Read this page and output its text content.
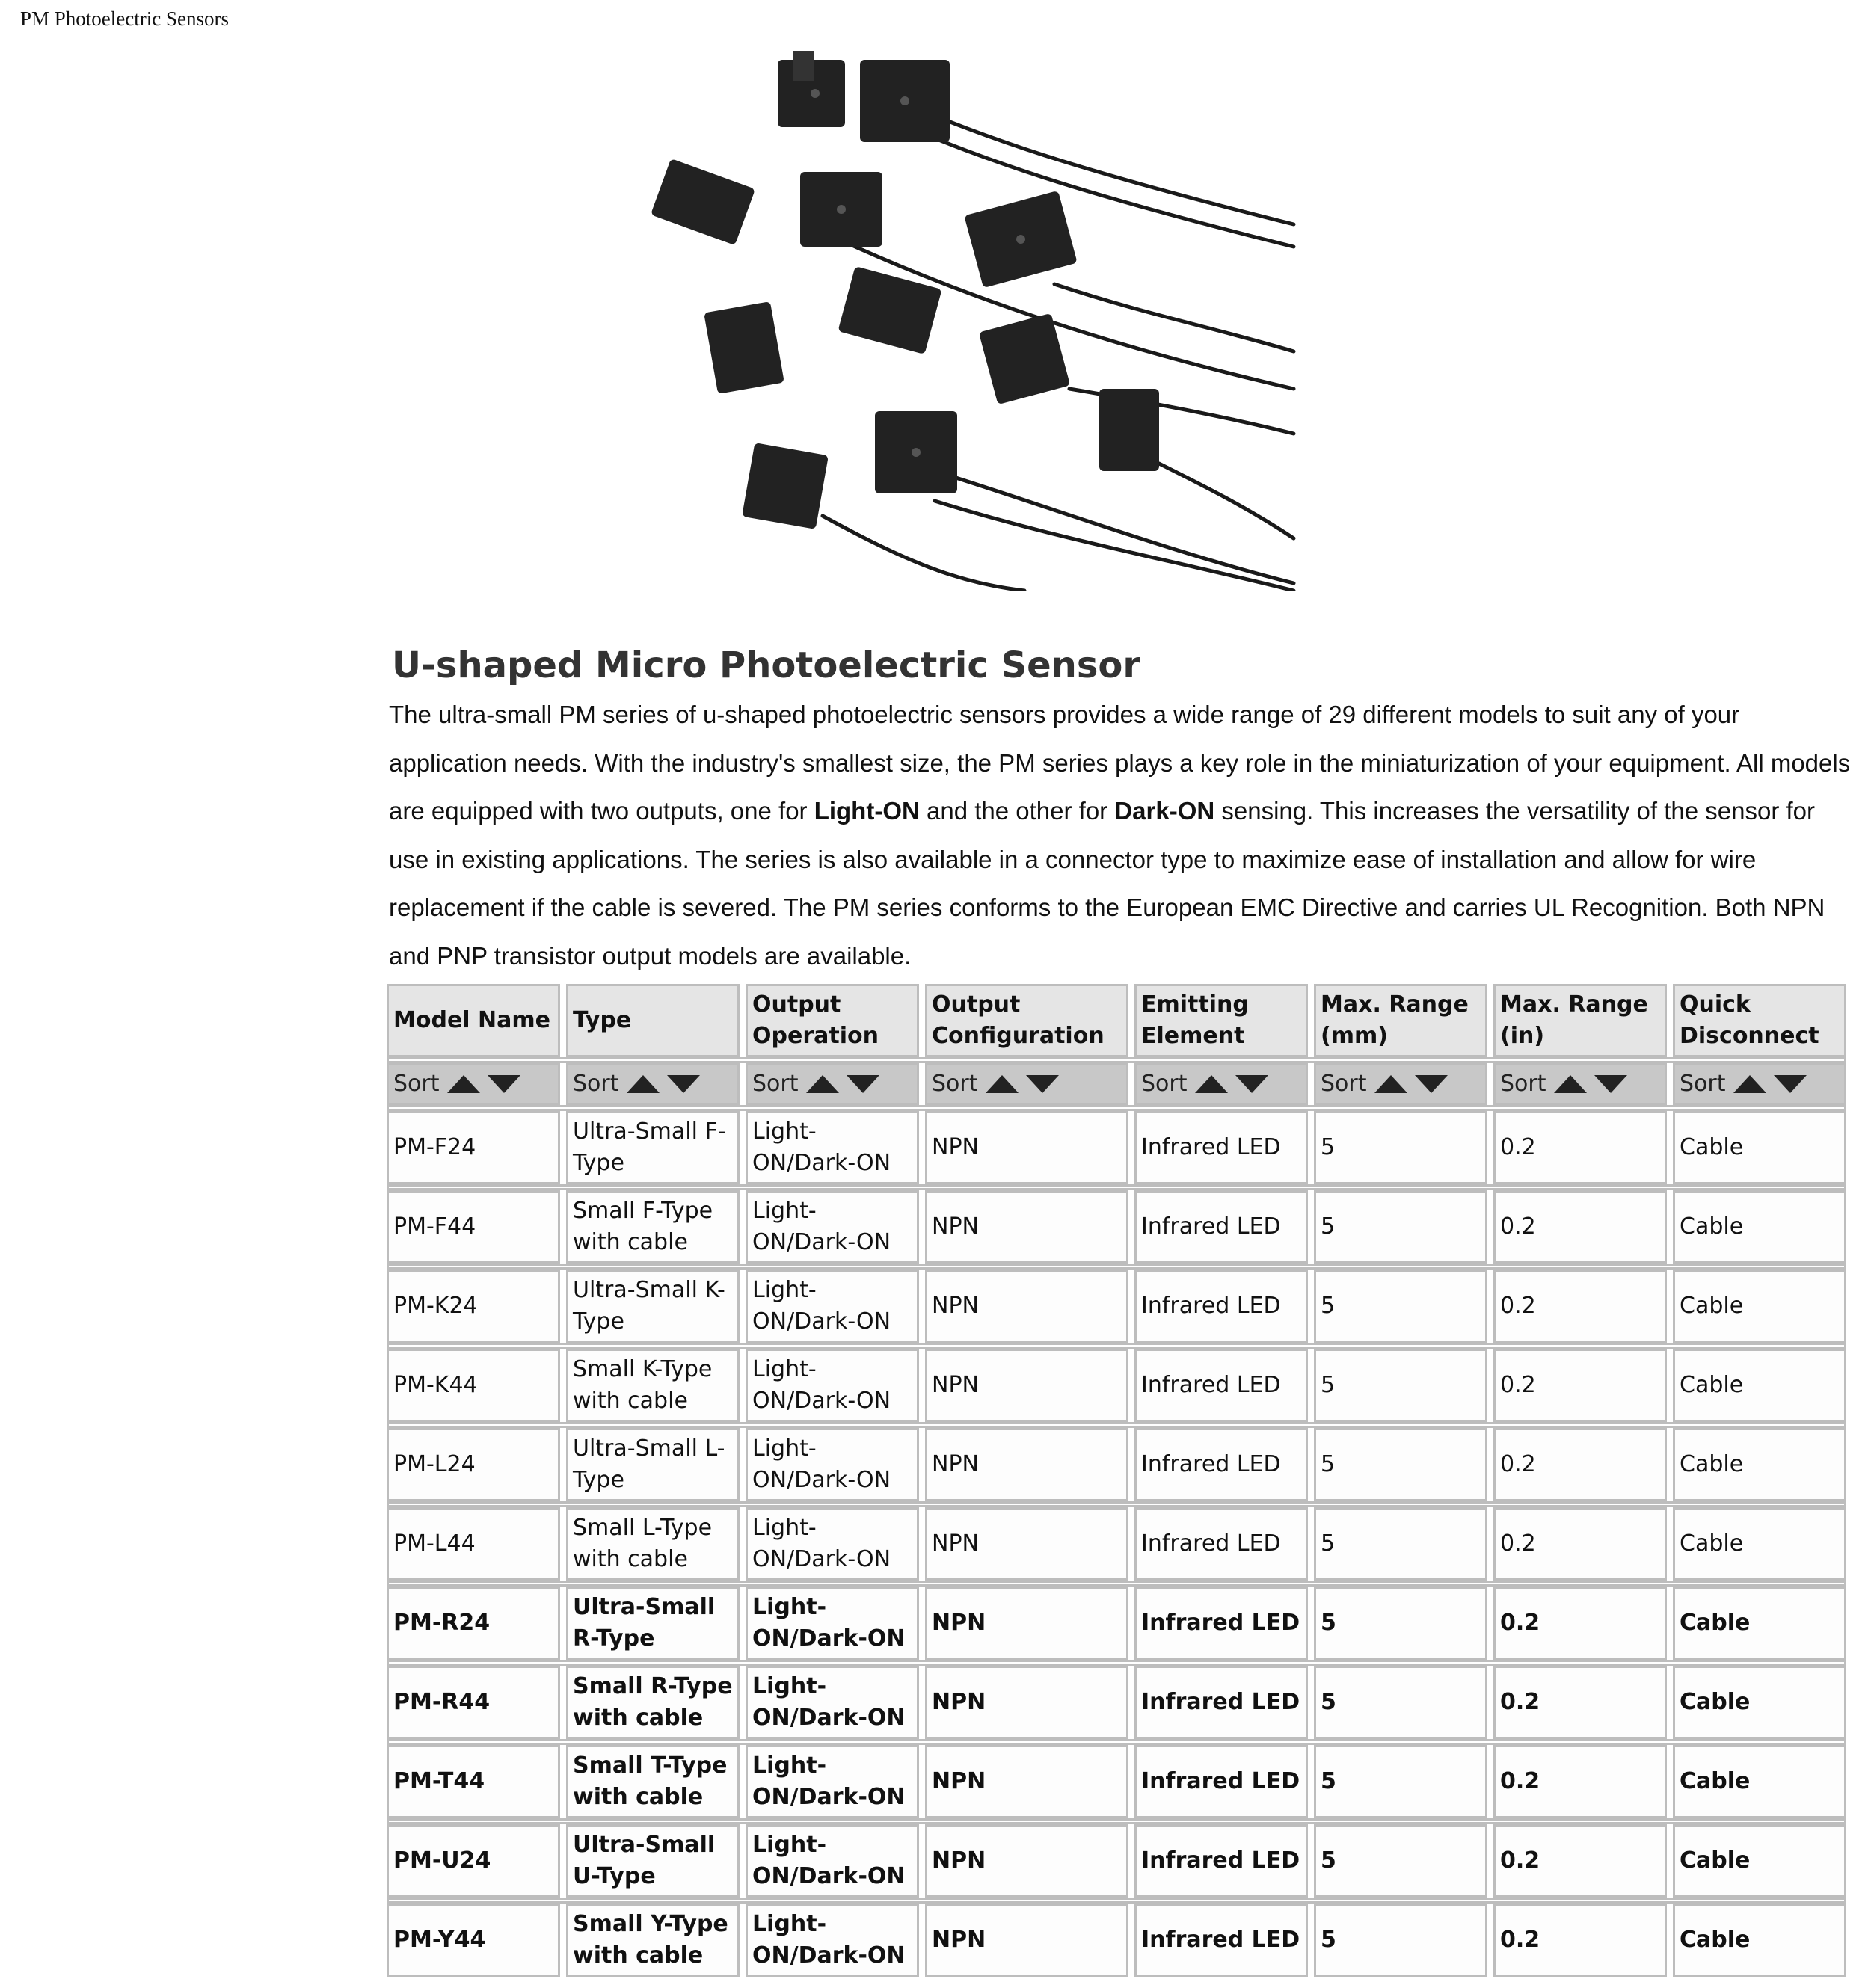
PM Photoelectric Sensors
U-shaped Micro Photoelectric Sensor

The ultra-small PM series of u-shaped photoelectric sensors provides a wide range of 29 different models to suit any of your application needs. With the industry's smallest size, the PM series plays a key role in the miniaturization of your equipment. All models are equipped with two outputs, one for Light-ON and the other for Dark-ON sensing. This increases the versatility of the sensor for use in existing applications. The series is also available in a connector type to maximize ease of installation and allow for wire replacement if the cable is severed. The PM series conforms to the European EMC Directive and carries UL Recognition. Both NPN and PNP transistor output models are available.

Model Name	Type	Output Operation	Output Configuration	Emitting Element	Max. Range (mm)	Max. Range (in)	Quick Disconnect

Sort	Sort	Sort	Sort	Sort	Sort	Sort	Sort

PM-F24	Ultra-Small F-Type	Light-ON/Dark-ON	NPN	Infrared LED	5	0.2	Cable

PM-F44	Small F-Type with cable	Light-ON/Dark-ON	NPN	Infrared LED	5	0.2	Cable

PM-K24	Ultra-Small K-Type	Light-ON/Dark-ON	NPN	Infrared LED	5	0.2	Cable

PM-K44	Small K-Type with cable	Light-ON/Dark-ON	NPN	Infrared LED	5	0.2	Cable

PM-L24	Ultra-Small L-Type	Light-ON/Dark-ON	NPN	Infrared LED	5	0.2	Cable

PM-L44	Small L-Type with cable	Light-ON/Dark-ON	NPN	Infrared LED	5	0.2	Cable

PM-R24	Ultra-Small R-Type	Light-ON/Dark-ON	NPN	Infrared LED	5	0.2	Cable

PM-R44	Small R-Type with cable	Light-ON/Dark-ON	NPN	Infrared LED	5	0.2	Cable

PM-T44	Small T-Type with cable	Light-ON/Dark-ON	NPN	Infrared LED	5	0.2	Cable

PM-U24	Ultra-Small U-Type	Light-ON/Dark-ON	NPN	Infrared LED	5	0.2	Cable

PM-Y44	Small Y-Type with cable	Light-ON/Dark-ON	NPN	Infrared LED	5	0.2	Cable
